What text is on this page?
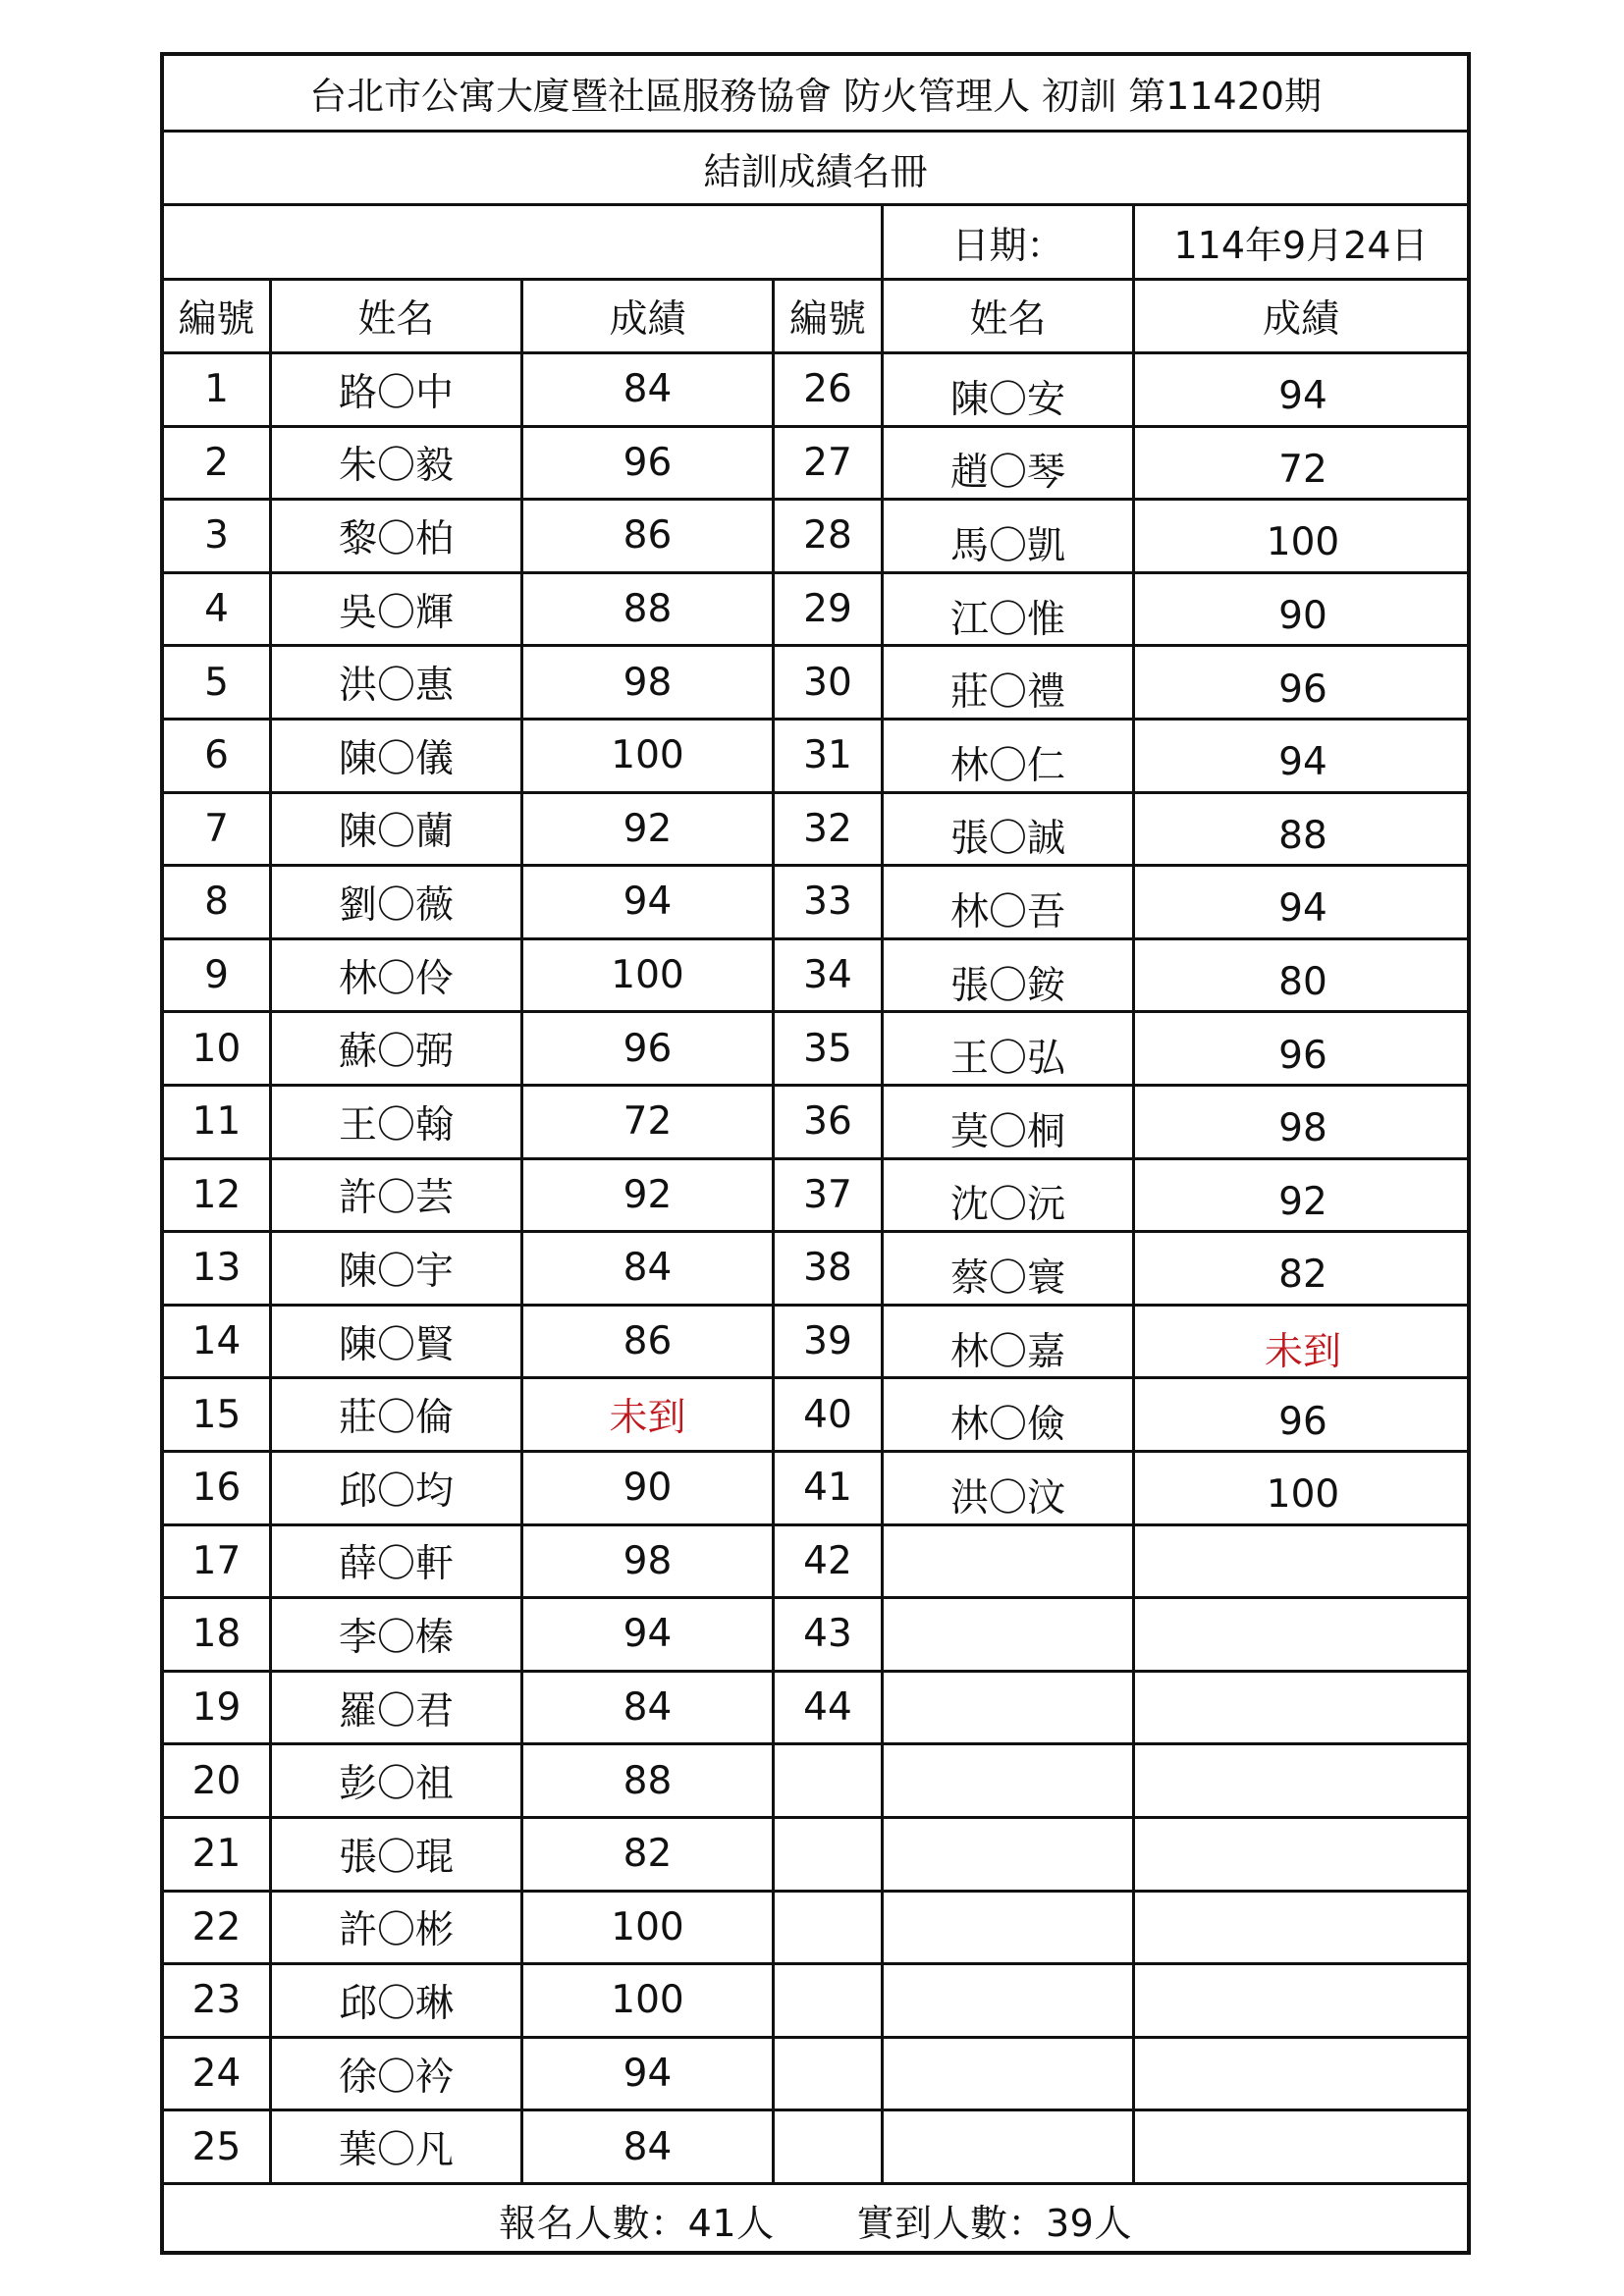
台北市公寓大廈暨社區服務協會 防火管理人 初訓 第11420期
結訓成績名冊
日期：	114年9月24日
編號	姓名	成績	編號	姓名	成績
1	路〇中	84	26	陳〇安	94
2	朱〇毅	96	27	趙〇琴	72
3	黎〇柏	86	28	馬〇凱	100
4	吳〇輝	88	29	江〇惟	90
5	洪〇惠	98	30	莊〇禮	96
6	陳〇儀	100	31	林〇仁	94
7	陳〇蘭	92	32	張〇誠	88
8	劉〇薇	94	33	林〇吾	94
9	林〇伶	100	34	張〇銨	80
10	蘇〇弼	96	35	王〇弘	96
11	王〇翰	72	36	莫〇桐	98
12	許〇芸	92	37	沈〇沅	92
13	陳〇宇	84	38	蔡〇寰	82
14	陳〇賢	86	39	林〇嘉	未到
15	莊〇倫	未到	40	林〇儉	96
16	邱〇均	90	41	洪〇汶	100
17	薛〇軒	98	42
18	李〇榛	94	43
19	羅〇君	84	44
20	彭〇祖	88
21	張〇琨	82
22	許〇彬	100
23	邱〇琳	100
24	徐〇衿	94
25	葉〇凡	84
報名人數：41人 實到人數：39人
